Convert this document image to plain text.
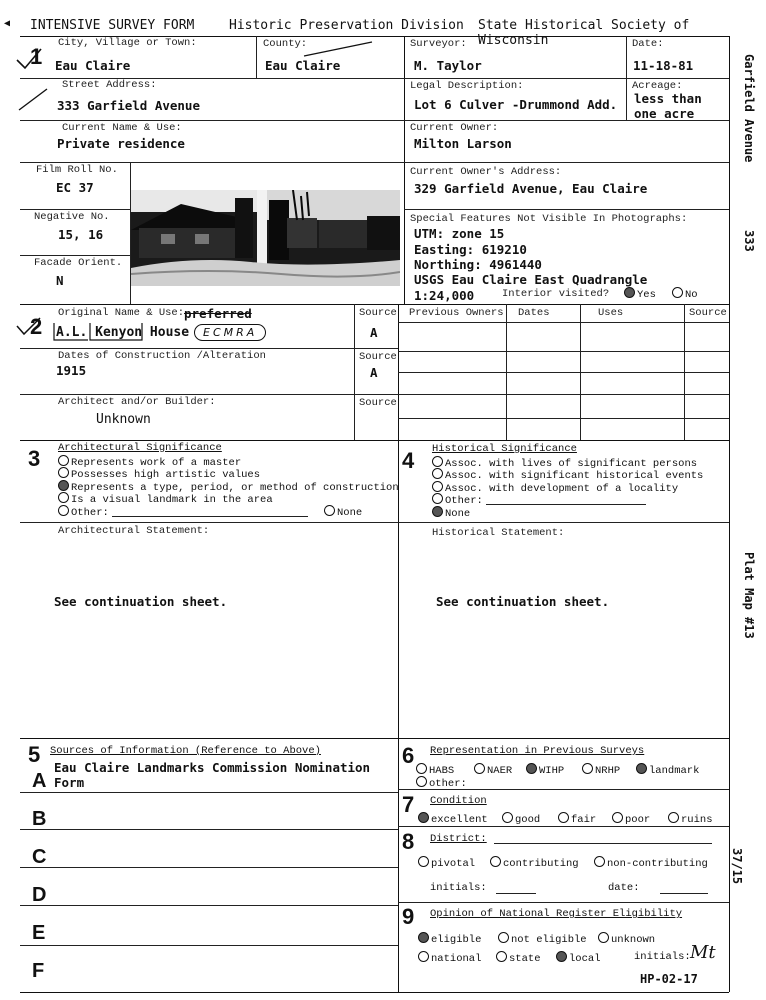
◀ INTENSIVE SURVEY FORM	Historic Preservation Division State Historical Society of Wisconsin
1
City, Village or Town:
Eau Claire
County:
Eau Claire
Surveyor:
M. Taylor
Date:
11-18-81
Street Address:
333 Garfield Avenue
Legal Description:
Lot 6 Culver -Drummond Add.
Acreage:
less than
one acre
Current Name & Use:
Private residence
Current Owner:
Milton Larson
Film Roll No.
EC 37
Negative No.
15, 16
Facade Orient.
N
Current Owner's Address:
329 Garfield Avenue, Eau Claire
Special Features Not Visible In Photographs:
UTM: zone 15
Easting: 619210
Northing: 4961440
USGS Eau Claire East Quadrangle
1:24,000	Interior visited?	Yes	No
Garfield Avenue
333
Plat Map #13
37/15
2
Original Name & Use: preferred
A.L. Kenyon House	ECMRA
Source
A
Dates of Construction /Alteration
1915
Source
A
Architect and/or Builder:
Unknown
Source
Previous Owners Dates	Uses	Source
3 Architectural Significance
Represents work of a master
Possesses high artistic values
Represents a type, period, or method of construction
Is a visual landmark in the area
Other:	None
Architectural Statement:
See continuation sheet.
4 Historical Significance
Assoc. with lives of significant persons
Assoc. with significant historical events
Assoc. with development of a locality
Other:
None
Historical Statement:
See continuation sheet.
5 Sources of Information (Reference to Above)
Eau Claire Landmarks Commission Nomination
Form
A
B
C
D
E
F
6 Representation in Previous Surveys
HABS	NAER	WIHP	NRHP	landmark
other:
7 Condition
excellent	good	fair	poor	ruins
8 District:
pivotal	contributing	non-contributing
initials:	date:
9 Opinion of National Register Eligibility
eligible	not eligible	unknown
national	state	local	initials: Mt
HP-02-17
